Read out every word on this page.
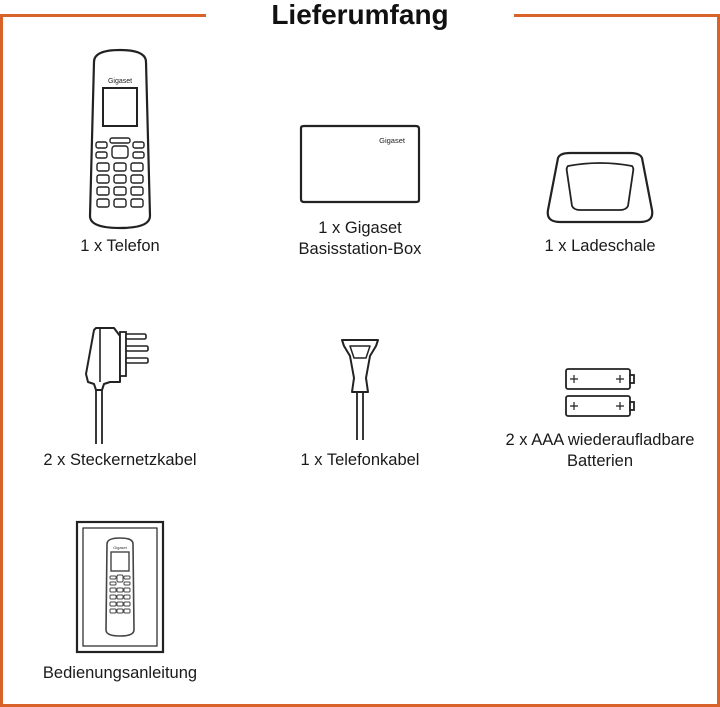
Lieferumfang
Gigaset
1 x Telefon
Gigaset
1 x Gigaset
Basisstation-Box	1 x Ladeschale
2 x Steckernetzkabel	1 x Telefonkabel
2 x AAA wiederaufladbare
Batterien
Gigaset
Bedienungsanleitung
